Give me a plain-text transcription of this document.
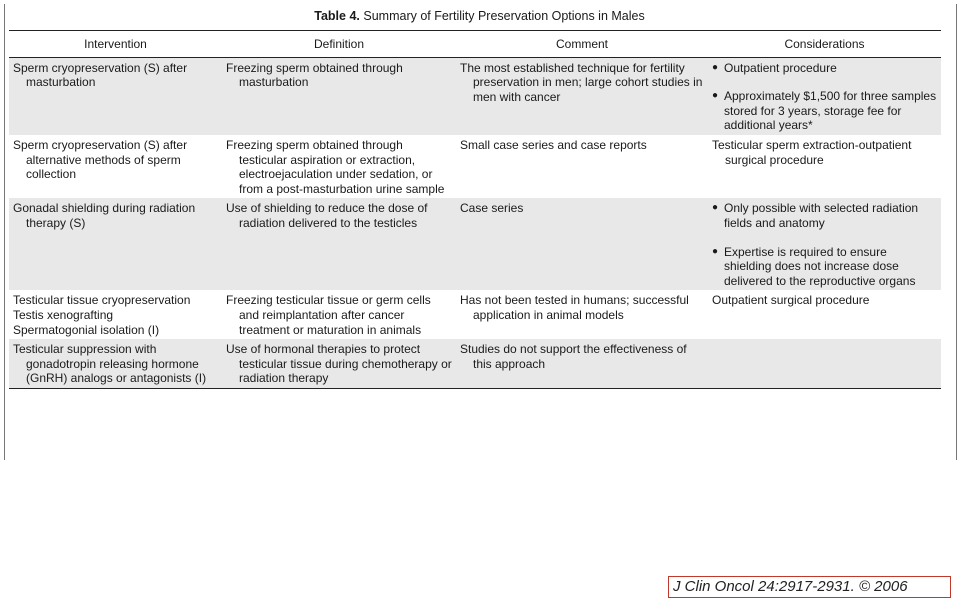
Table 4. Summary of Fertility Preservation Options in Males
Intervention	Definition	Comment	Considerations

Sperm cryopreservation (S) after masturbation	Freezing sperm obtained through masturbation	The most established technique for fertility preservation in men; large cohort studies in men with cancer	● Outpatient procedure
● Approximately $1,500 for three samples stored for 3 years, storage fee for additional years*

Sperm cryopreservation (S) after alternative methods of sperm collection	Freezing sperm obtained through testicular aspiration or extraction, electroejaculation under sedation, or from a post-masturbation urine sample	Small case series and case reports	Testicular sperm extraction-outpatient surgical procedure

Gonadal shielding during radiation therapy (S)	Use of shielding to reduce the dose of radiation delivered to the testicles	Case series	● Only possible with selected radiation fields and anatomy
● Expertise is required to ensure shielding does not increase dose delivered to the reproductive organs

Testicular tissue cryopreservation
Testis xenografting
Spermatogonial isolation (I)	Freezing testicular tissue or germ cells and reimplantation after cancer treatment or maturation in animals	Has not been tested in humans; successful application in animal models	Outpatient surgical procedure

Testicular suppression with gonadotropin releasing hormone (GnRH) analogs or antagonists (I)	Use of hormonal therapies to protect testicular tissue during chemotherapy or radiation therapy	Studies do not support the effectiveness of this approach	

J Clin Oncol 24:2917-2931. © 2006
